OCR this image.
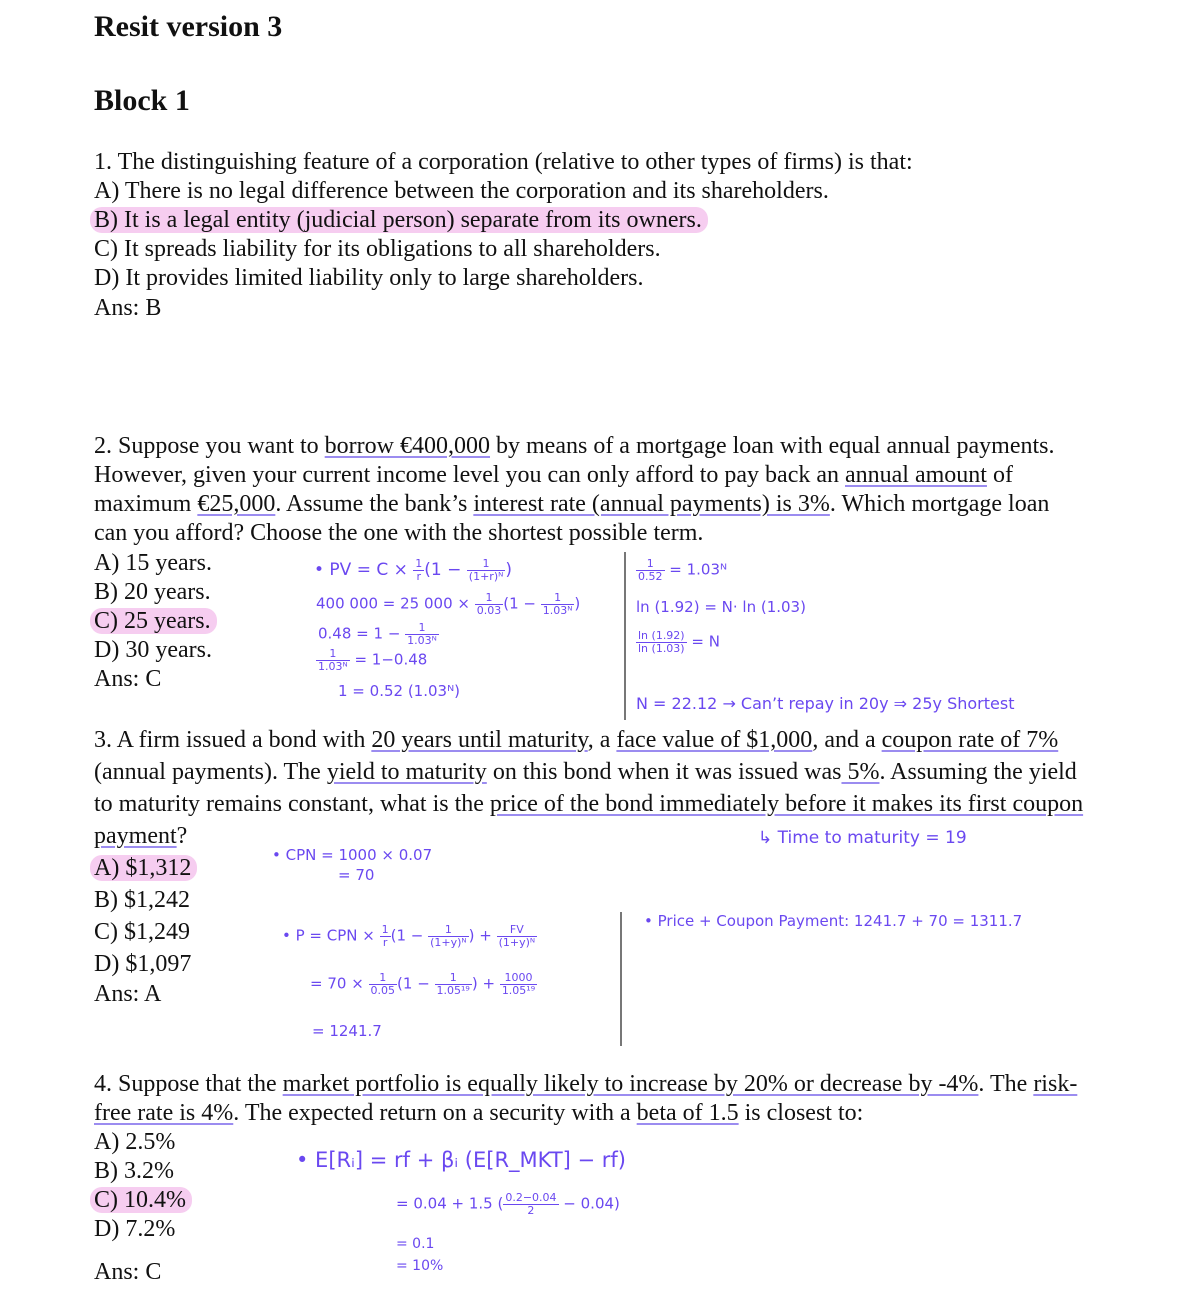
Resit version 3
Block 1
1. The distinguishing feature of a corporation (relative to other types of firms) is that:
A) There is no legal difference between the corporation and its shareholders.
B) It is a legal entity (judicial person) separate from its owners.
C) It spreads liability for its obligations to all shareholders.
D) It provides limited liability only to large shareholders.
Ans: B
2. Suppose you want to borrow €400,000 by means of a mortgage loan with equal annual payments.
However, given your current income level you can only afford to pay back an annual amount of
maximum €25,000. Assume the bank’s interest rate (annual payments) is 3%. Which mortgage loan
can you afford? Choose the one with the shortest possible term.
A) 15 years.
B) 20 years.
C) 25 years.
D) 30 years.
Ans: C
• PV = $C \times \frac{1}{r} (1 - \frac{1}{\text{(1+r)ᴺ}}$ )
400 000 = 25 $000 \times \frac{1}{0.03} (1 - \frac{1}{\text{1.03ᴺ}}$ )
$0.48 = 1 - \frac{1}{\text{1.03ᴺ}}$
$\frac{1}{\text{1.03ᴺ}} = 1-0.48$
1 = 0.52 (1.03ᴺ)
$\frac{1}{0.52}$ = 1.03ᴺ
ln (1.92) = N· ln (1.03)
$\frac{\ln (1.92)}{\ln (1.03)} = N$
N = 22.12 → Can’t repay in 20y ⇒ 25y Shortest
3. A firm issued a bond with 20 years until maturity, a face value of $1,000, and a coupon rate of 7%
(annual payments). The yield to maturity on this bond when it was issued was 5%. Assuming the yield
to maturity remains constant, what is the price of the bond immediately before it makes its first coupon
payment?
A) $1,312
B) $1,242
C) $1,249
D) $1,097
Ans: A
↳ Time to maturity = 19
• CPN = 1000 × 0.07
= 70
• P = CPN × $\frac{1}{r} (1 - \frac{1}{\text{(1+y)ᴺ}}$ ) + $\frac{FV}{\text{(1+y)ᴺ}}$
= $70 \times \frac{1}{0.05} (1 - \frac{1}{\text{1.05¹⁹}}$ ) + $\frac{1000}{\text{1.05¹⁹}}$
= 1241.7
• Price + Coupon Payment: 1241.7 + 70 = 1311.7
4. Suppose that the market portfolio is equally likely to increase by 20% or decrease by -4%. The risk-
free rate is 4%. The expected return on a security with a beta of 1.5 is closest to:
A) 2.5%
B) 3.2%
C) 10.4%
D) 7.2%
Ans: C
• E[Rᵢ] = rf + βᵢ (E[R_MKT] − rf)
= 0.04 + 1.5 ( $\frac{0.2-0.04}{2} - 0.04$)
= 0.1
= 10%
